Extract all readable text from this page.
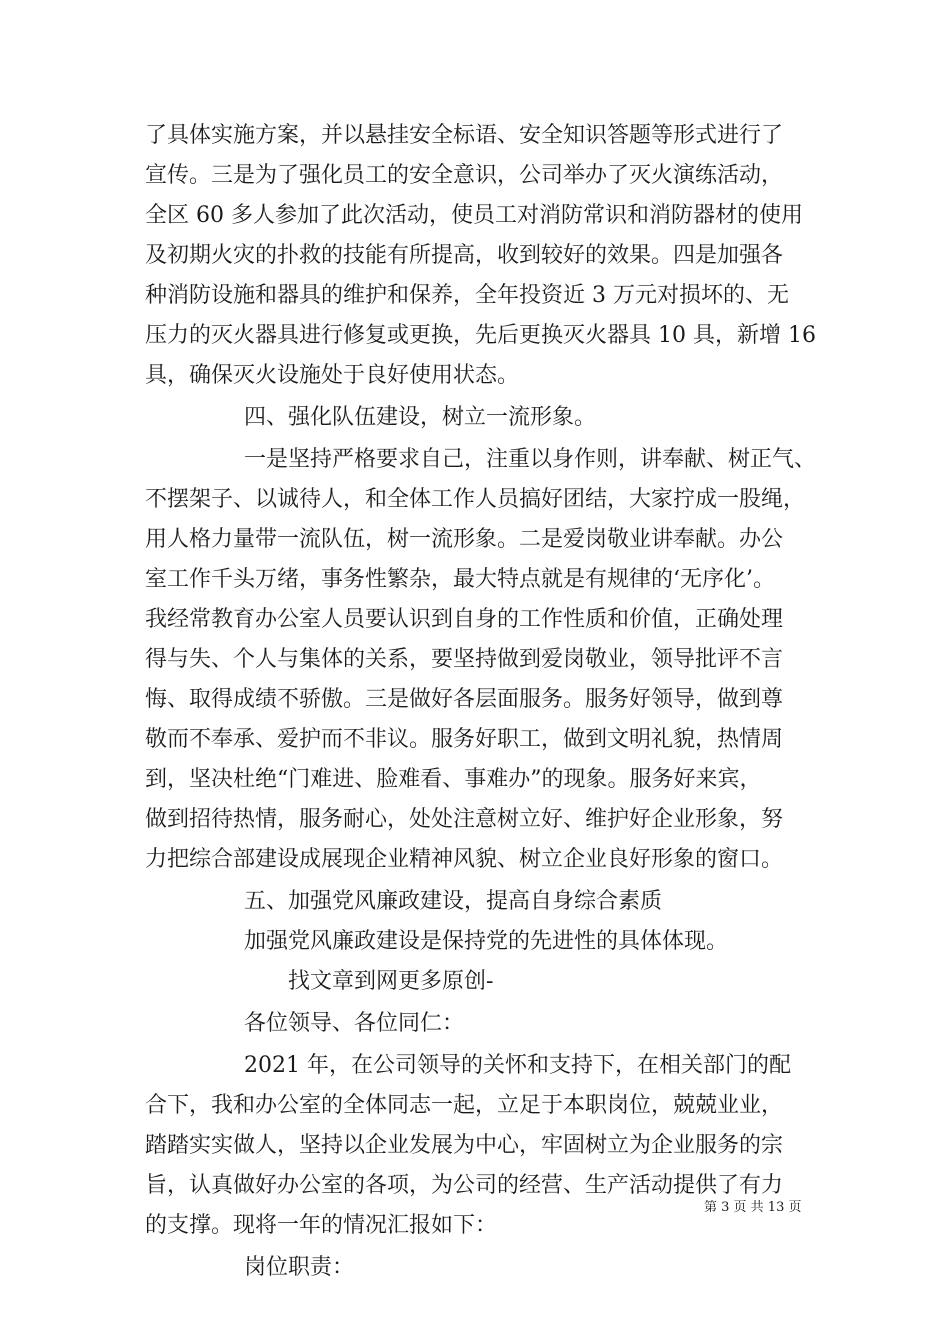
了具体实施方案，并以悬挂安全标语、安全知识答题等形式进行了
宣传。三是为了强化员工的安全意识，公司举办了灭火演练活动，
全区 60 多人参加了此次活动，使员工对消防常识和消防器材的使用
及初期火灾的扑救的技能有所提高，收到较好的效果。四是加强各
种消防设施和器具的维护和保养，全年投资近 3 万元对损坏的、无
压力的灭火器具进行修复或更换，先后更换灭火器具 10 具，新增 16
具，确保灭火设施处于良好使用状态。
四、强化队伍建设，树立一流形象。
一是坚持严格要求自己，注重以身作则，讲奉献、树正气、
不摆架子、以诚待人，和全体工作人员搞好团结，大家拧成一股绳，
用人格力量带一流队伍，树一流形象。二是爱岗敬业讲奉献。办公
室工作千头万绪，事务性繁杂，最大特点就是有规律的‘无序化’。
我经常教育办公室人员要认识到自身的工作性质和价值，正确处理
得与失、个人与集体的关系，要坚持做到爱岗敬业，领导批评不言
悔、取得成绩不骄傲。三是做好各层面服务。服务好领导，做到尊
敬而不奉承、爱护而不非议。服务好职工，做到文明礼貌，热情周
到，坚决杜绝“门难进、脸难看、事难办”的现象。服务好来宾，
做到招待热情，服务耐心，处处注意树立好、维护好企业形象，努
力把综合部建设成展现企业精神风貌、树立企业良好形象的窗口。
五、加强党风廉政建设，提高自身综合素质
加强党风廉政建设是保持党的先进性的具体体现。
找文章到网更多原创-
各位领导、各位同仁：
2021 年，在公司领导的关怀和支持下，在相关部门的配
合下，我和办公室的全体同志一起，立足于本职岗位，兢兢业业，
踏踏实实做人，坚持以企业发展为中心，牢固树立为企业服务的宗
旨，认真做好办公室的各项，为公司的经营、生产活动提供了有力
的支撑。现将一年的情况汇报如下：
岗位职责：
第 3 页 共 13 页
